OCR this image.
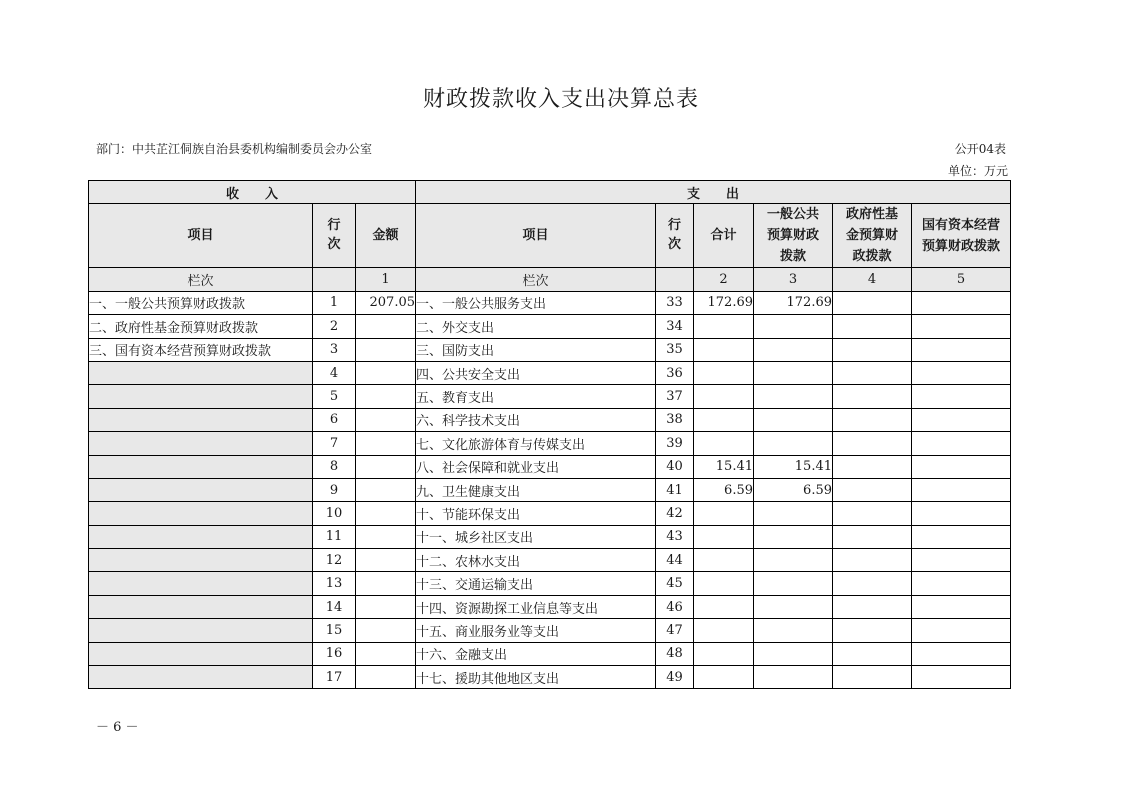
财政拨款收入支出决算总表
部门：中共芷江侗族自治县委机构编制委员会办公室	公开04表
单位：万元
收　　入			支　　出					
项目	行次	金额	项目	行次	合计	一般公共预算财政拨款	政府性基金预算财政拨款	国有资本经营预算财政拨款
栏次		1	栏次		2	3	4	5
一、一般公共预算财政拨款	1	207.05	一、一般公共服务支出	33	172.69	172.69		
二、政府性基金预算财政拨款	2		二、外交支出	34				
三、国有资本经营预算财政拨款	3		三、国防支出	35				
	4		四、公共安全支出	36				
	5		五、教育支出	37				
	6		六、科学技术支出	38				
	7		七、文化旅游体育与传媒支出	39				
	8		八、社会保障和就业支出	40	15.41	15.41		
	9		九、卫生健康支出	41	6.59	6.59		
	10		十、节能环保支出	42				
	11		十一、城乡社区支出	43				
	12		十二、农林水支出	44				
	13		十三、交通运输支出	45				
	14		十四、资源勘探工业信息等支出	46				
	15		十五、商业服务业等支出	47				
	16		十六、金融支出	48				
	17		十七、援助其他地区支出	49				
－ 6 －
